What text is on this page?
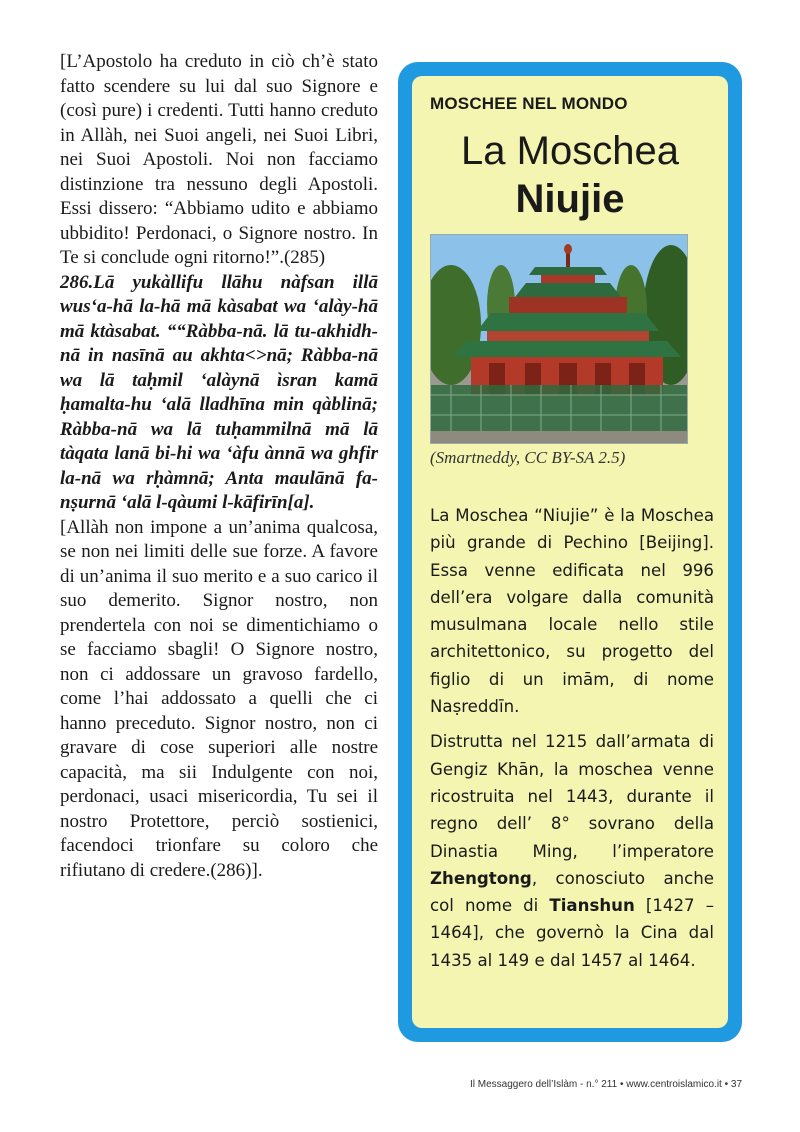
[L’Apostolo ha creduto in ciò ch’è stato fatto scendere su lui dal suo Signore e (così pure) i credenti. Tutti hanno creduto in Allàh, nei Suoi angeli, nei Suoi Libri, nei Suoi Apostoli. Noi non facciamo distinzione tra nessuno degli Apostoli. Essi dissero: “Abbiamo udito e abbiamo ubbidito! Perdonaci, o Signore nostro. In Te si conclude ogni ritorno!”.(285)

286.Lā yukàllifu llāhu nàfsan illā wus‘a-hā la-hā mā kàsabat wa ‘alày-hā mā ktàsabat. ““Ràbba-nā. lā tu-akhidh-nā in nasīnā au akhta<>nā; Ràbba-nā wa lā taḥmil ‘alàynā ìsran kamā ḥamalta-hu ‘alā lladhīna min qàblinā; Ràbba-nā wa lā tuḥammilnā mā lā tàqata lanā bi-hi wa ‘àfu ànnā wa ghfir la-nā wa rḥàmnā; Anta maulānā fa-nṣurnā ‘alā l-qàumi l-kāfirīn[a].

[Allàh non impone a un’anima qualcosa, se non nei limiti delle sue forze. A favore di un’anima il suo merito e a suo carico il suo demerito. Signor nostro, non prendertela con noi se dimentichiamo o se facciamo sbagli! O Signore nostro, non ci addossare un gravoso fardello, come l’hai addossato a quelli che ci hanno preceduto. Signor nostro, non ci gravare di cose superiori alle nostre capacità, ma sii Indulgente con noi, perdonaci, usaci misericordia, Tu sei il nostro Protettore, perciò sostienici, facendoci trionfare su coloro che rifiutano di credere.(286)].

MOSCHEE NEL MONDO
La Moschea
Niujie
(Smartneddy, CC BY-SA 2.5)

La Moschea “Niujie” è la Moschea più grande di Pechino [Beijing]. Essa venne edificata nel 996 dell’era volgare dalla comunità musulmana locale nello stile architettonico, su progetto del figlio di un imām, di nome Naṣreddīn.

Distrutta nel 1215 dall’armata di Gengiz Khān, la moschea venne ricostruita nel 1443, durante il regno dell’ 8° sovrano della Dinastia Ming, l’imperatore Zhengtong, conosciuto anche col nome di Tianshun [1427 – 1464], che governò la Cina dal 1435 al 149 e dal 1457 al 1464.

Il Messaggero dell’Islàm - n.° 211 • www.centroislamico.it • 37
